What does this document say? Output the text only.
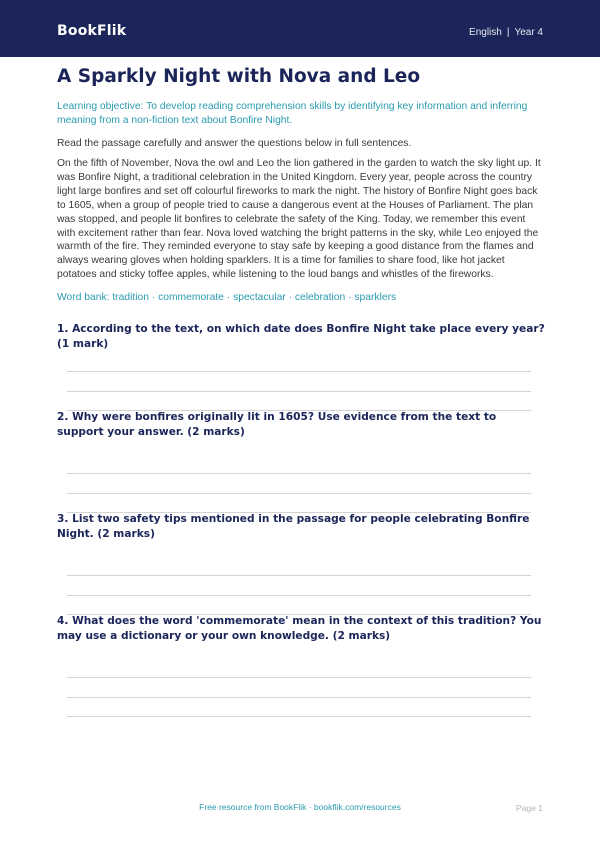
BookFlik	English | Year 4
A Sparkly Night with Nova and Leo

Learning objective: To develop reading comprehension skills by identifying key information and inferring meaning from a non-fiction text about Bonfire Night.

Read the passage carefully and answer the questions below in full sentences.

On the fifth of November, Nova the owl and Leo the lion gathered in the garden to watch the sky light up. It was Bonfire Night, a traditional celebration in the United Kingdom. Every year, people across the country light large bonfires and set off colourful fireworks to mark the night. The history of Bonfire Night goes back to 1605, when a group of people tried to cause a dangerous event at the Houses of Parliament. The plan was stopped, and people lit bonfires to celebrate the safety of the King. Today, we remember this event with excitement rather than fear. Nova loved watching the bright patterns in the sky, while Leo enjoyed the warmth of the fire. They reminded everyone to stay safe by keeping a good distance from the flames and always wearing gloves when holding sparklers. It is a time for families to share food, like hot jacket potatoes and sticky toffee apples, while listening to the loud bangs and whistles of the fireworks.

Word bank: tradition · commemorate · spectacular · celebration · sparklers

1. According to the text, on which date does Bonfire Night take place every year? (1 mark)
2. Why were bonfires originally lit in 1605? Use evidence from the text to support your answer. (2 marks)
3. List two safety tips mentioned in the passage for people celebrating Bonfire Night. (2 marks)
4. What does the word 'commemorate' mean in the context of this tradition? You may use a dictionary or your own knowledge. (2 marks)
Free resource from BookFlik · bookflik.com/resources	Page 1
